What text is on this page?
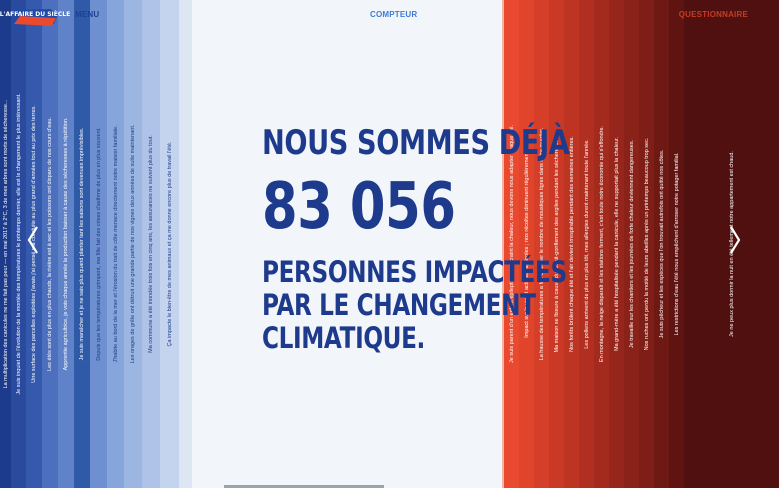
La multiplication des canicules ne me fait pas peur — en mai 2017 à 2°C, 3 de mes arbres sont morts de sécheresse... Je suis inquiet de l'évolution de la montée des températures le printemps dernier, elle est le changement le plus intéressant. Une surface des parcelles exploitées j'avais j'ai pensé ma conduite au plus grand d'années tout au prix des terres. Les étés sont de plus en plus chauds, la rivière est à sec et les poissons ont disparu de nos cours d'eau. Apprentie agricultrice, je vois chaque année la production baisser à cause des sécheresses à répétition. Je suis maraîcher et je ne sais plus quand planter tant les saisons sont devenues imprévisibles. Depuis que les températures grimpent, ma fille fait des crises d'asthme de plus en plus souvent. J'habite au bord de la mer et l'érosion du trait de côte menace directement notre maison familiale. Les orages de grêle ont détruit une grande partie de nos vignes deux années de suite maintenant. Ma commune a été inondée trois fois en cinq ans, les assurances ne suivent plus du tout. Ça impacte le bien-être de mes animaux et ça me donne encore plus de travail l'été.	Je suis parent d'un enfant épileptique qui craint la chaleur, nous devons nous adapter chaque été. Impact sur la vie et activités agricoles ; nos récoltes diminuent régulièrement. La hausse des températures a fait exploser le nombre de moustiques tigres dans notre quartier. Ma maison se fissure à cause du retrait-gonflement des argiles pendant les sécheresses. Nos forêts brûlent chaque été et l'air devient irrespirable pendant des semaines entières. Les pollens arrivent de plus en plus tôt, mes allergies durent maintenant toute l'année. En montagne, la neige disparaît et les stations ferment, c'est toute notre économie qui s'effondre. Ma grand-mère a été hospitalisée pendant la canicule, elle ne supportait plus la chaleur. Je travaille sur les chantiers et les journées de forte chaleur deviennent dangereuses. Nos ruches ont perdu la moitié de leurs abeilles après un printemps beaucoup trop sec. Je suis pêcheur et les espèces que l'on trouvait autrefois ont quitté nos côtes. Les restrictions d'eau l'été nous empêchent d'arroser notre potager familial.	Je ne peux plus dormir la nuit en été tellement notre appartement est chaud.
NOUS SOMMES DÉJÀ
83 056
PERSONNES IMPACTÉES
PAR LE CHANGEMENT
CLIMATIQUE.
L'AFFAIRE DU SIÈCLE MENU	COMPTEUR	QUESTIONNAIRE
